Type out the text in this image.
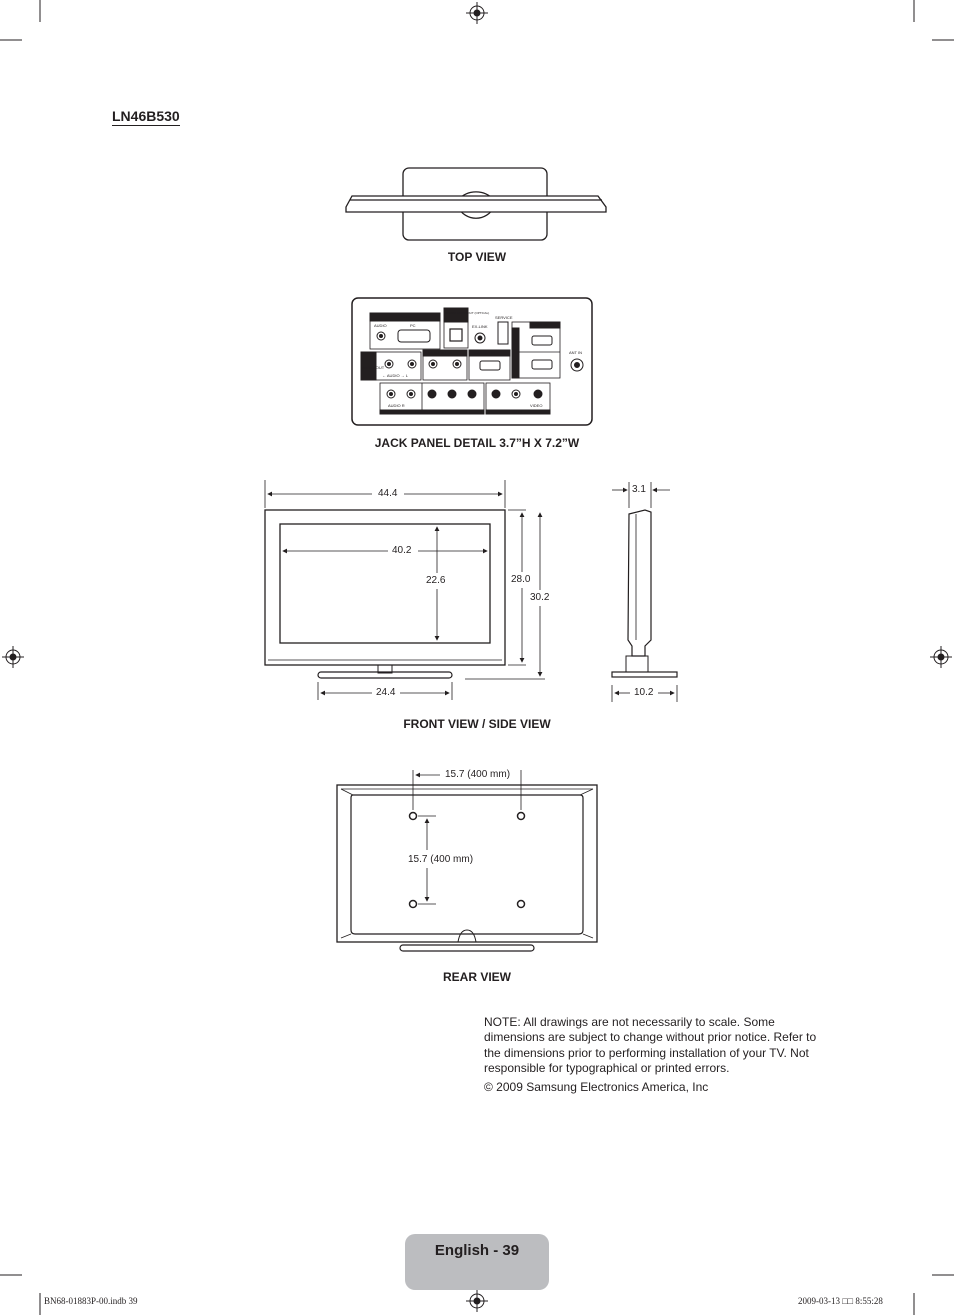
LN46B530
PC IN
AUDIO	PC
DIGITAL AUDIO OUT (OPTICAL)
EX-LINK
SERVICE
HDMI IN
ANT IN
AUDIO OUT
DVI AUDIO IN	HDMI/DVI IN
← AUDIO → L
AUDIO R
COMPONENT IN
VIDEO
AV IN
TOP VIEW
JACK PANEL DETAIL 3.7”H X 7.2”W
FRONT VIEW / SIDE VIEW
REAR VIEW
44.4
40.2
22.6	28.0
30.2
24.4
3.1
10.2
15.7 (400 mm)
15.7 (400 mm)

NOTE: All drawings are not necessarily to scale. Some dimensions are subject to change without prior notice. Refer to the dimensions prior to performing installation of your TV. Not responsible for typographical or printed errors.

© 2009 Samsung Electronics America, Inc

English - 39
BN68-01883P-00.indb 39	2009-03-13 □□ 8:55:28
